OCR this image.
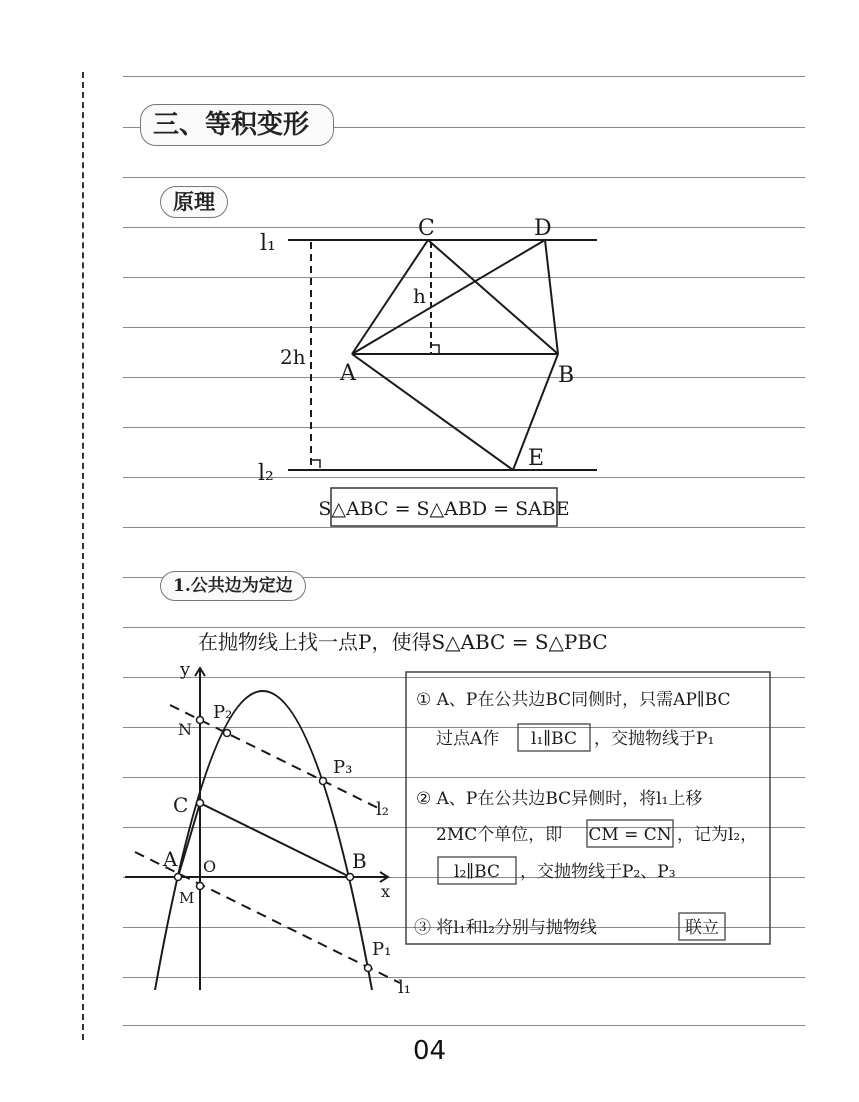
三、等积变形
原理
1.公共边为定边
l₁
l₂
C	D
A	B
E
h
2h
S△ABC = S△ABD = SABE
在抛物线上找一点P，使得S△ABC = S△PBC
y
x
O
A	B
C
M
N
P₁
P₂
P₃
l₁
l₂
① A、P在公共边BC同侧时，只需AP∥BC
过点A作 l₁∥BC ，交抛物线于P₁
② A、P在公共边BC异侧时，将l₁上移
2MC个单位，即 CM = CN ，记为l₂，
l₂∥BC ，交抛物线于P₂、P₃
③ 将l₁和l₂分别与抛物线	联立
04
